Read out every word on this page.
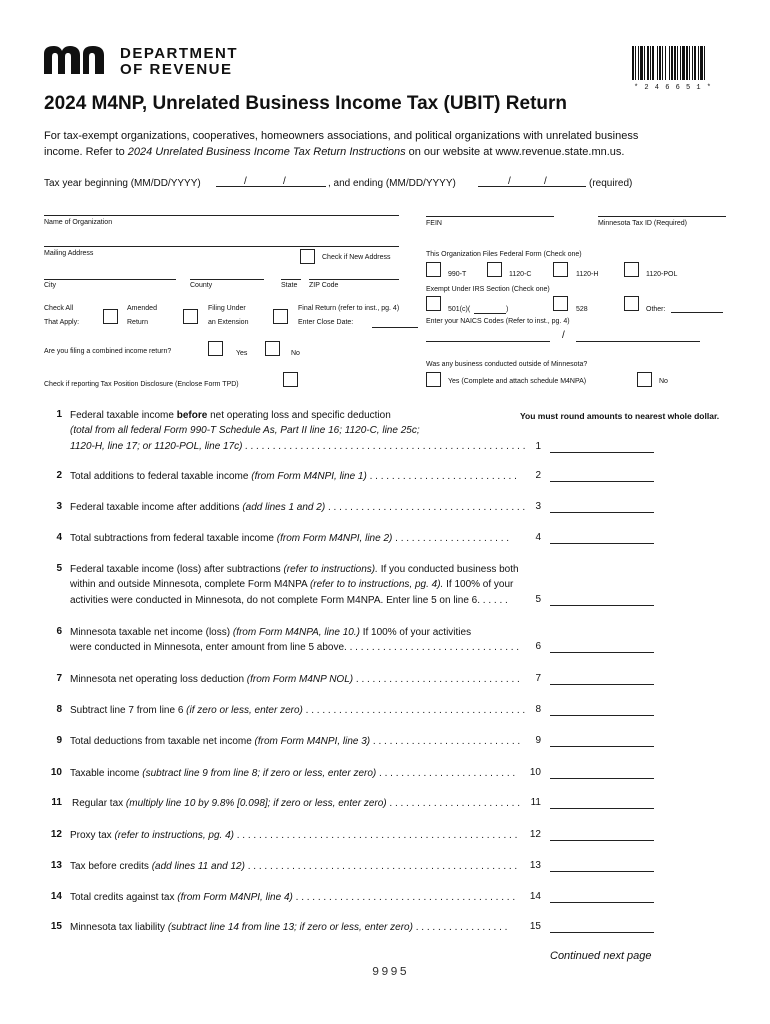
DEPARTMENT
OF REVENUE
* 2 4 6 6 5 1 *
2024 M4NP, Unrelated Business Income Tax (UBIT) Return
For tax-exempt organizations, cooperatives, homeowners associations, and political organizations with unrelated business
income. Refer to 2024 Unrelated Business Income Tax Return Instructions on our website at www.revenue.state.mn.us.
Tax year beginning (MM/DD/YYYY)	/	/	, and ending (MM/DD/YYYY)	/	/	(required)
Name of Organization	FEIN	Minnesota Tax ID (Required)
Mailing Address
Check if New Address	This Organization Files Federal Form (Check one)
990-T	1120-C	1120-H	1120-POL
City	County	State ZIP Code
Exempt Under IRS Section (Check one)
Check All
That Apply:
Amended
Return
Filing Under
an Extension
Final Return (refer to inst., pg. 4)
Enter Close Date:
501(c)(	)	528	Other:
Enter your NAICS Codes (Refer to inst., pg. 4)
/
Are you filing a combined income return?	Yes	No
Was any business conducted outside of Minnesota?
Check if reporting Tax Position Disclosure (Enclose Form TPD)	Yes (Complete and attach schedule M4NPA)	No
You must round amounts to nearest whole dollar.
1 Federal taxable income before net operating loss and specific deduction
(total from all federal Form 990-T Schedule As, Part II line 16; 1120-C, line 25c;
1120-H, line 17; or 1120-POL, line 17c) . . . . . . . . . . . . . . . . . . . . . . . . . . . . . . . . . . . . . . . . . . . . . . . . . . . 1
2 Total additions to federal taxable income (from Form M4NPI, line 1) . . . . . . . . . . . . . . . . . . . . . . . . . . .	2
3 Federal taxable income after additions (add lines 1 and 2) . . . . . . . . . . . . . . . . . . . . . . . . . . . . . . . . . . . .	3
4 Total subtractions from federal taxable income (from Form M4NPI, line 2) . . . . . . . . . . . . . . . . . . . . .	4
5 Federal taxable income (loss) after subtractions (refer to instructions). If you conducted business both
within and outside Minnesota, complete Form M4NPA (refer to to instructions, pg. 4). If 100% of your
activities were conducted in Minnesota, do not complete Form M4NPA. Enter line 5 on line 6. . . . . .	5
6 Minnesota taxable net income (loss) (from Form M4NPA, line 10.) If 100% of your activities
were conducted in Minnesota, enter amount from line 5 above. . . . . . . . . . . . . . . . . . . . . . . . . . . . . . . .	6
7 Minnesota net operating loss deduction (from Form M4NP NOL) . . . . . . . . . . . . . . . . . . . . . . . . . . . . . .	7
8 Subtract line 7 from line 6 (if zero or less, enter zero) . . . . . . . . . . . . . . . . . . . . . . . . . . . . . . . . . . . . . . . .	8
9 Total deductions from taxable net income (from Form M4NPI, line 3) . . . . . . . . . . . . . . . . . . . . . . . . . . .	9
10 Taxable income (subtract line 9 from line 8; if zero or less, enter zero) . . . . . . . . . . . . . . . . . . . . . . . . .	10
11 Regular tax (multiply line 10 by 9.8% [0.098]; if zero or less, enter zero) . . . . . . . . . . . . . . . . . . . . . . . .	11
12 Proxy tax (refer to instructions, pg. 4) . . . . . . . . . . . . . . . . . . . . . . . . . . . . . . . . . . . . . . . . . . . . . . . . . . .	12
13 Tax before credits (add lines 11 and 12) . . . . . . . . . . . . . . . . . . . . . . . . . . . . . . . . . . . . . . . . . . . . . . . . .	13
14 Total credits against tax (from Form M4NPI, line 4) . . . . . . . . . . . . . . . . . . . . . . . . . . . . . . . . . . . . . . . .	14
15 Minnesota tax liability (subtract line 14 from line 13; if zero or less, enter zero) . . . . . . . . . . . . . . . . .	15
Continued next page
9995
